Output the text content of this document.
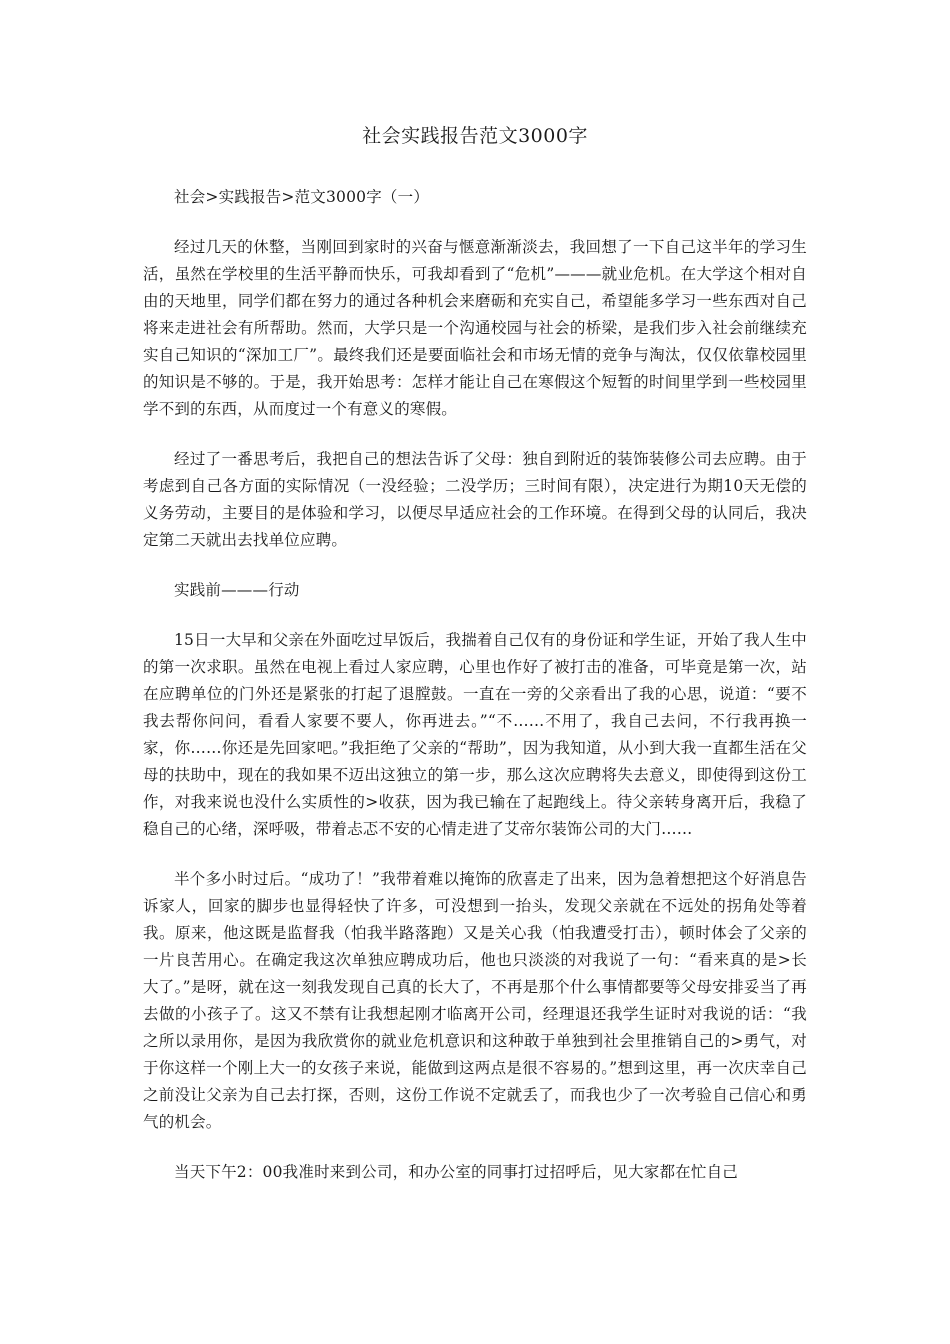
社会实践报告范文3000字

社会>实践报告>范文3000字（一）

经过几天的休整，当刚回到家时的兴奋与惬意渐渐淡去，我回想了一下自己这半年的学习生活，虽然在学校里的生活平静而快乐，可我却看到了“危机”———就业危机。在大学这个相对自由的天地里，同学们都在努力的通过各种机会来磨砺和充实自己，希望能多学习一些东西对自己将来走进社会有所帮助。然而，大学只是一个沟通校园与社会的桥梁，是我们步入社会前继续充实自己知识的“深加工厂”。最终我们还是要面临社会和市场无情的竞争与淘汰，仅仅依靠校园里的知识是不够的。于是，我开始思考：怎样才能让自己在寒假这个短暂的时间里学到一些校园里学不到的东西，从而度过一个有意义的寒假。

经过了一番思考后，我把自己的想法告诉了父母：独自到附近的装饰装修公司去应聘。由于考虑到自己各方面的实际情况（一没经验；二没学历；三时间有限），决定进行为期10天无偿的义务劳动，主要目的是体验和学习，以便尽早适应社会的工作环境。在得到父母的认同后，我决定第二天就出去找单位应聘。

实践前———行动

15日一大早和父亲在外面吃过早饭后，我揣着自己仅有的身份证和学生证，开始了我人生中的第一次求职。虽然在电视上看过人家应聘，心里也作好了被打击的准备，可毕竟是第一次，站在应聘单位的门外还是紧张的打起了退膛鼓。一直在一旁的父亲看出了我的心思，说道：“要不我去帮你问问，看看人家要不要人，你再进去。”“不……不用了，我自己去问，不行我再换一家，你……你还是先回家吧。”我拒绝了父亲的“帮助”，因为我知道，从小到大我一直都生活在父母的扶助中，现在的我如果不迈出这独立的第一步，那么这次应聘将失去意义，即使得到这份工作，对我来说也没什么实质性的>收获，因为我已输在了起跑线上。待父亲转身离开后，我稳了稳自己的心绪，深呼吸，带着忐忑不安的心情走进了艾帝尔装饰公司的大门……

半个多小时过后。“成功了！”我带着难以掩饰的欣喜走了出来，因为急着想把这个好消息告诉家人，回家的脚步也显得轻快了许多，可没想到一抬头，发现父亲就在不远处的拐角处等着我。原来，他这既是监督我（怕我半路落跑）又是关心我（怕我遭受打击），顿时体会了父亲的一片良苦用心。在确定我这次单独应聘成功后，他也只淡淡的对我说了一句：“看来真的是>长大了。”是呀，就在这一刻我发现自己真的长大了，不再是那个什么事情都要等父母安排妥当了再去做的小孩子了。这又不禁有让我想起刚才临离开公司，经理退还我学生证时对我说的话：“我之所以录用你，是因为我欣赏你的就业危机意识和这种敢于单独到社会里推销自己的>勇气，对于你这样一个刚上大一的女孩子来说，能做到这两点是很不容易的。”想到这里，再一次庆幸自己之前没让父亲为自己去打探，否则，这份工作说不定就丢了，而我也少了一次考验自己信心和勇气的机会。

当天下午2：00我准时来到公司，和办公室的同事打过招呼后，见大家都在忙自己
